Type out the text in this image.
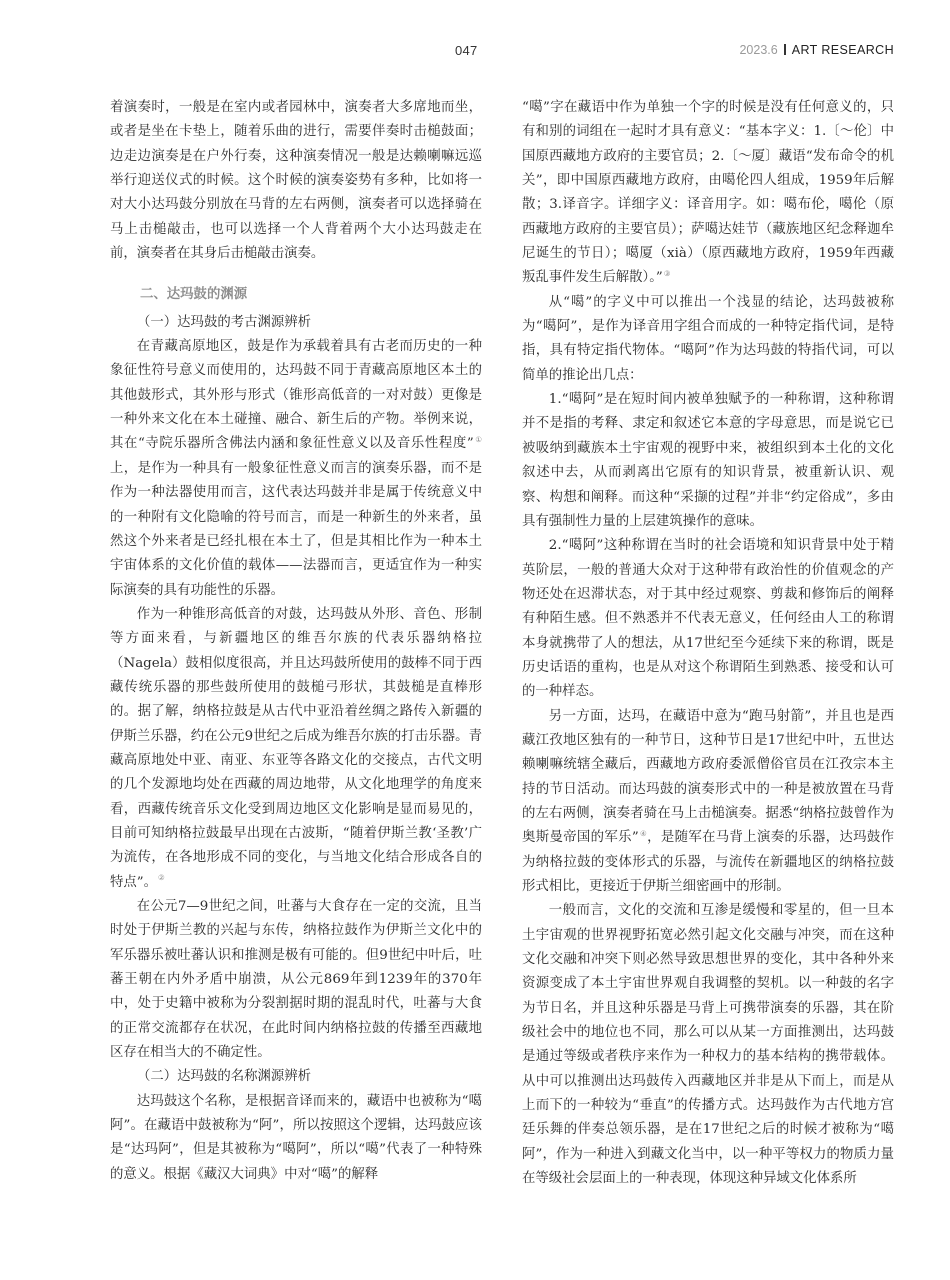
047	2023.6 ART RESEARCH

着演奏时，一般是在室内或者园林中，演奏者大多席地而坐，或者是坐在卡垫上，随着乐曲的进行，需要伴奏时击槌鼓面；边走边演奏是在户外行奏，这种演奏情况一般是达赖喇嘛远巡举行迎送仪式的时候。这个时候的演奏姿势有多种，比如将一对大小达玛鼓分别放在马背的左右两侧，演奏者可以选择骑在马上击槌敲击，也可以选择一个人背着两个大小达玛鼓走在前，演奏者在其身后击槌敲击演奏。

二、达玛鼓的渊源

（一）达玛鼓的考古渊源辨析

在青藏高原地区，鼓是作为承载着具有古老而历史的一种象征性符号意义而使用的，达玛鼓不同于青藏高原地区本土的其他鼓形式，其外形与形式（锥形高低音的一对对鼓）更像是一种外来文化在本土碰撞、融合、新生后的产物。举例来说，其在“寺院乐器所含佛法内涵和象征性意义以及音乐性程度”①上，是作为一种具有一般象征性意义而言的演奏乐器，而不是作为一种法器使用而言，这代表达玛鼓并非是属于传统意义中的一种附有文化隐喻的符号而言，而是一种新生的外来者，虽然这个外来者是已经扎根在本土了，但是其相比作为一种本土宇宙体系的文化价值的载体——法器而言，更适宜作为一种实际演奏的具有功能性的乐器。

作为一种锥形高低音的对鼓，达玛鼓从外形、音色、形制等方面来看，与新疆地区的维吾尔族的代表乐器纳格拉（Nagela）鼓相似度很高，并且达玛鼓所使用的鼓棒不同于西藏传统乐器的那些鼓所使用的鼓槌弓形状，其鼓槌是直棒形的。据了解，纳格拉鼓是从古代中亚沿着丝绸之路传入新疆的伊斯兰乐器，约在公元9世纪之后成为维吾尔族的打击乐器。青藏高原地处中亚、南亚、东亚等各路文化的交接点，古代文明的几个发源地均处在西藏的周边地带，从文化地理学的角度来看，西藏传统音乐文化受到周边地区文化影响是显而易见的，目前可知纳格拉鼓最早出现在古波斯，“随着伊斯兰教‘圣教’广为流传，在各地形成不同的变化，与当地文化结合形成各自的特点”。②

在公元7—9世纪之间，吐蕃与大食存在一定的交流，且当时处于伊斯兰教的兴起与东传，纳格拉鼓作为伊斯兰文化中的军乐器乐被吐蕃认识和推测是极有可能的。但9世纪中叶后，吐蕃王朝在内外矛盾中崩溃，从公元869年到1239年的370年中，处于史籍中被称为分裂割据时期的混乱时代，吐蕃与大食的正常交流都存在状况，在此时间内纳格拉鼓的传播至西藏地区存在相当大的不确定性。

（二）达玛鼓的名称渊源辨析

达玛鼓这个名称，是根据音译而来的，藏语中也被称为“噶阿”。在藏语中鼓被称为“阿”，所以按照这个逻辑，达玛鼓应该是“达玛阿”，但是其被称为“噶阿”，所以“噶”代表了一种特殊的意义。根据《藏汉大词典》中对“噶”的解释

“噶”字在藏语中作为单独一个字的时候是没有任何意义的，只有和别的词组在一起时才具有意义：“基本字义：1.〔～伦〕中国原西藏地方政府的主要官员；2.〔～厦〕藏语“发布命令的机关”，即中国原西藏地方政府，由噶伦四人组成，1959年后解散；3.译音字。详细字义：译音用字。如：噶布伦，噶伦（原西藏地方政府的主要官员）；萨噶达娃节（藏族地区纪念释迦牟尼诞生的节日）；噶厦（xià）（原西藏地方政府，1959年西藏叛乱事件发生后解散）。”③

从“噶”的字义中可以推出一个浅显的结论，达玛鼓被称为“噶阿”，是作为译音用字组合而成的一种特定指代词，是特指，具有特定指代物体。“噶阿”作为达玛鼓的特指代词，可以简单的推论出几点：

1.“噶阿”是在短时间内被单独赋予的一种称谓，这种称谓并不是指的考释、隶定和叙述它本意的字母意思，而是说它已被吸纳到藏族本土宇宙观的视野中来，被组织到本土化的文化叙述中去，从而剥离出它原有的知识背景，被重新认识、观察、构想和阐释。而这种“采撷的过程”并非“约定俗成”，多由具有强制性力量的上层建筑操作的意味。

2.“噶阿”这种称谓在当时的社会语境和知识背景中处于精英阶层，一般的普通大众对于这种带有政治性的价值观念的产物还处在迟滞状态，对于其中经过观察、剪裁和修饰后的阐释有种陌生感。但不熟悉并不代表无意义，任何经由人工的称谓本身就携带了人的想法，从17世纪至今延续下来的称谓，既是历史话语的重构，也是从对这个称谓陌生到熟悉、接受和认可的一种样态。

另一方面，达玛，在藏语中意为“跑马射箭”，并且也是西藏江孜地区独有的一种节日，这种节日是17世纪中叶，五世达赖喇嘛统辖全藏后，西藏地方政府委派僧俗官员在江孜宗本主持的节日活动。而达玛鼓的演奏形式中的一种是被放置在马背的左右两侧，演奏者骑在马上击槌演奏。据悉“纳格拉鼓曾作为奥斯曼帝国的军乐”④，是随军在马背上演奏的乐器，达玛鼓作为纳格拉鼓的变体形式的乐器，与流传在新疆地区的纳格拉鼓形式相比，更接近于伊斯兰细密画中的形制。

一般而言，文化的交流和互渗是缓慢和零星的，但一旦本土宇宙观的世界视野拓宽必然引起文化交融与冲突，而在这种文化交融和冲突下则必然导致思想世界的变化，其中各种外来资源变成了本土宇宙世界观自我调整的契机。以一种鼓的名字为节日名，并且这种乐器是马背上可携带演奏的乐器，其在阶级社会中的地位也不同，那么可以从某一方面推测出，达玛鼓是通过等级或者秩序来作为一种权力的基本结构的携带载体。从中可以推测出达玛鼓传入西藏地区并非是从下而上，而是从上而下的一种较为“垂直”的传播方式。达玛鼓作为古代地方宫廷乐舞的伴奏总领乐器，是在17世纪之后的时候才被称为“噶阿”，作为一种进入到藏文化当中，以一种平等权力的物质力量在等级社会层面上的一种表现，体现这种异域文化体系所
